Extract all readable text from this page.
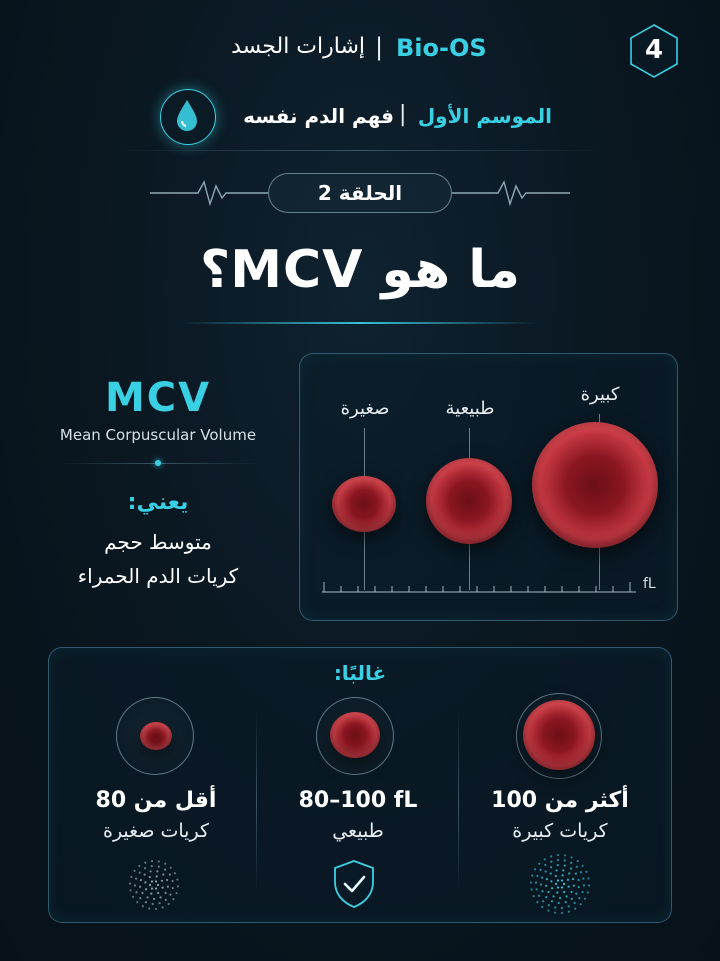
4
Bio-OS
|
إشارات الجسد
الموسم الأول
|
فهم الدم نفسه
الحلقة 2
ما هو MCV؟
MCV
Mean Corpuscular Volume
يعني:
متوسط حجم
كريات الدم الحمراء
صغيرة	طبيعية
كبيرة
fL
غالبًا:
أقل من 80
كريات صغيرة
80–100 fL
طبيعي
أكثر من 100
كريات كبيرة
